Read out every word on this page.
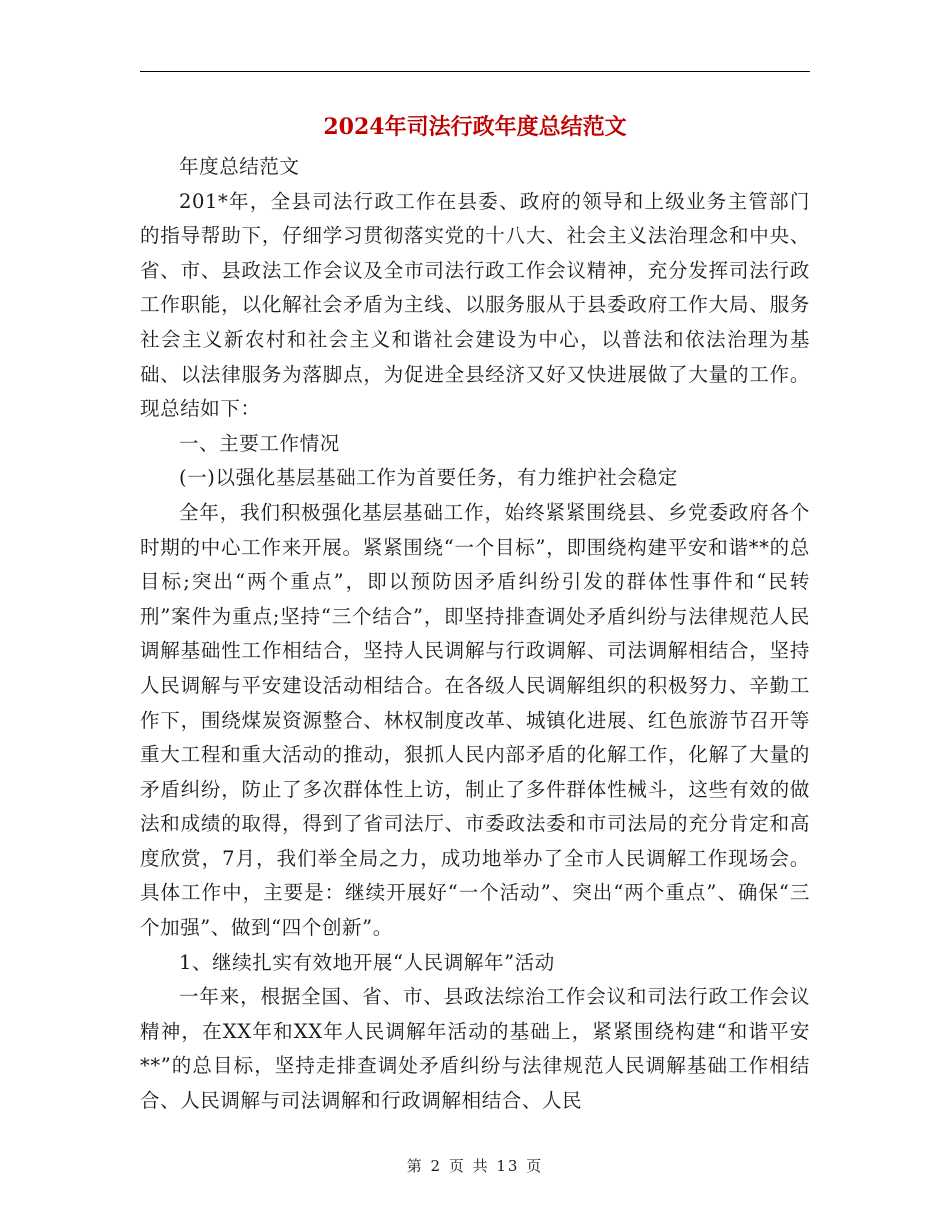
2024年司法行政年度总结范文

年度总结范文

201*年，全县司法行政工作在县委、政府的领导和上级业务主管部门的指导帮助下，仔细学习贯彻落实党的十八大、社会主义法治理念和中央、省、市、县政法工作会议及全市司法行政工作会议精神，充分发挥司法行政工作职能，以化解社会矛盾为主线、以服务服从于县委政府工作大局、服务社会主义新农村和社会主义和谐社会建设为中心，以普法和依法治理为基础、以法律服务为落脚点，为促进全县经济又好又快进展做了大量的工作。现总结如下：

一、主要工作情况

(一)以强化基层基础工作为首要任务，有力维护社会稳定

全年，我们积极强化基层基础工作，始终紧紧围绕县、乡党委政府各个时期的中心工作来开展。紧紧围绕“一个目标”，即围绕构建平安和谐**的总目标;突出“两个重点”，即以预防因矛盾纠纷引发的群体性事件和“民转刑”案件为重点;坚持“三个结合”，即坚持排查调处矛盾纠纷与法律规范人民调解基础性工作相结合，坚持人民调解与行政调解、司法调解相结合，坚持人民调解与平安建设活动相结合。在各级人民调解组织的积极努力、辛勤工作下，围绕煤炭资源整合、林权制度改革、城镇化进展、红色旅游节召开等重大工程和重大活动的推动，狠抓人民内部矛盾的化解工作，化解了大量的矛盾纠纷，防止了多次群体性上访，制止了多件群体性械斗，这些有效的做法和成绩的取得，得到了省司法厅、市委政法委和市司法局的充分肯定和高度欣赏，7月，我们举全局之力，成功地举办了全市人民调解工作现场会。具体工作中，主要是：继续开展好“一个活动”、突出“两个重点”、确保“三个加强”、做到“四个创新”。

1、继续扎实有效地开展“人民调解年”活动

一年来，根据全国、省、市、县政法综治工作会议和司法行政工作会议精神，在XX年和XX年人民调解年活动的基础上，紧紧围绕构建“和谐平安**”的总目标，坚持走排查调处矛盾纠纷与法律规范人民调解基础工作相结合、人民调解与司法调解和行政调解相结合、人民

第 2 页 共 13 页
